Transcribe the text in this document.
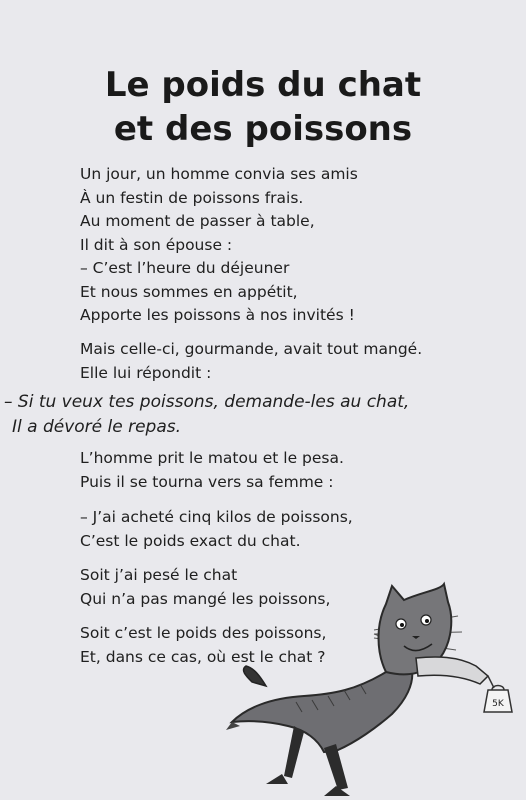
Le poids du chat
et des poissons
Un jour, un homme convia ses amis
À un festin de poissons frais.
Au moment de passer à table,
Il dit à son épouse :
– C’est l’heure du déjeuner
Et nous sommes en appétit,
Apporte les poissons à nos invités !
Mais celle-ci, gourmande, avait tout mangé.
Elle lui répondit :
– Si tu veux tes poissons, demande-les au chat,
Il a dévoré le repas.
L’homme prit le matou et le pesa.
Puis il se tourna vers sa femme :
– J’ai acheté cinq kilos de poissons,
C’est le poids exact du chat.
Soit j’ai pesé le chat
Qui n’a pas mangé les poissons,
Soit c’est le poids des poissons,
Et, dans ce cas, où est le chat ?
5K
